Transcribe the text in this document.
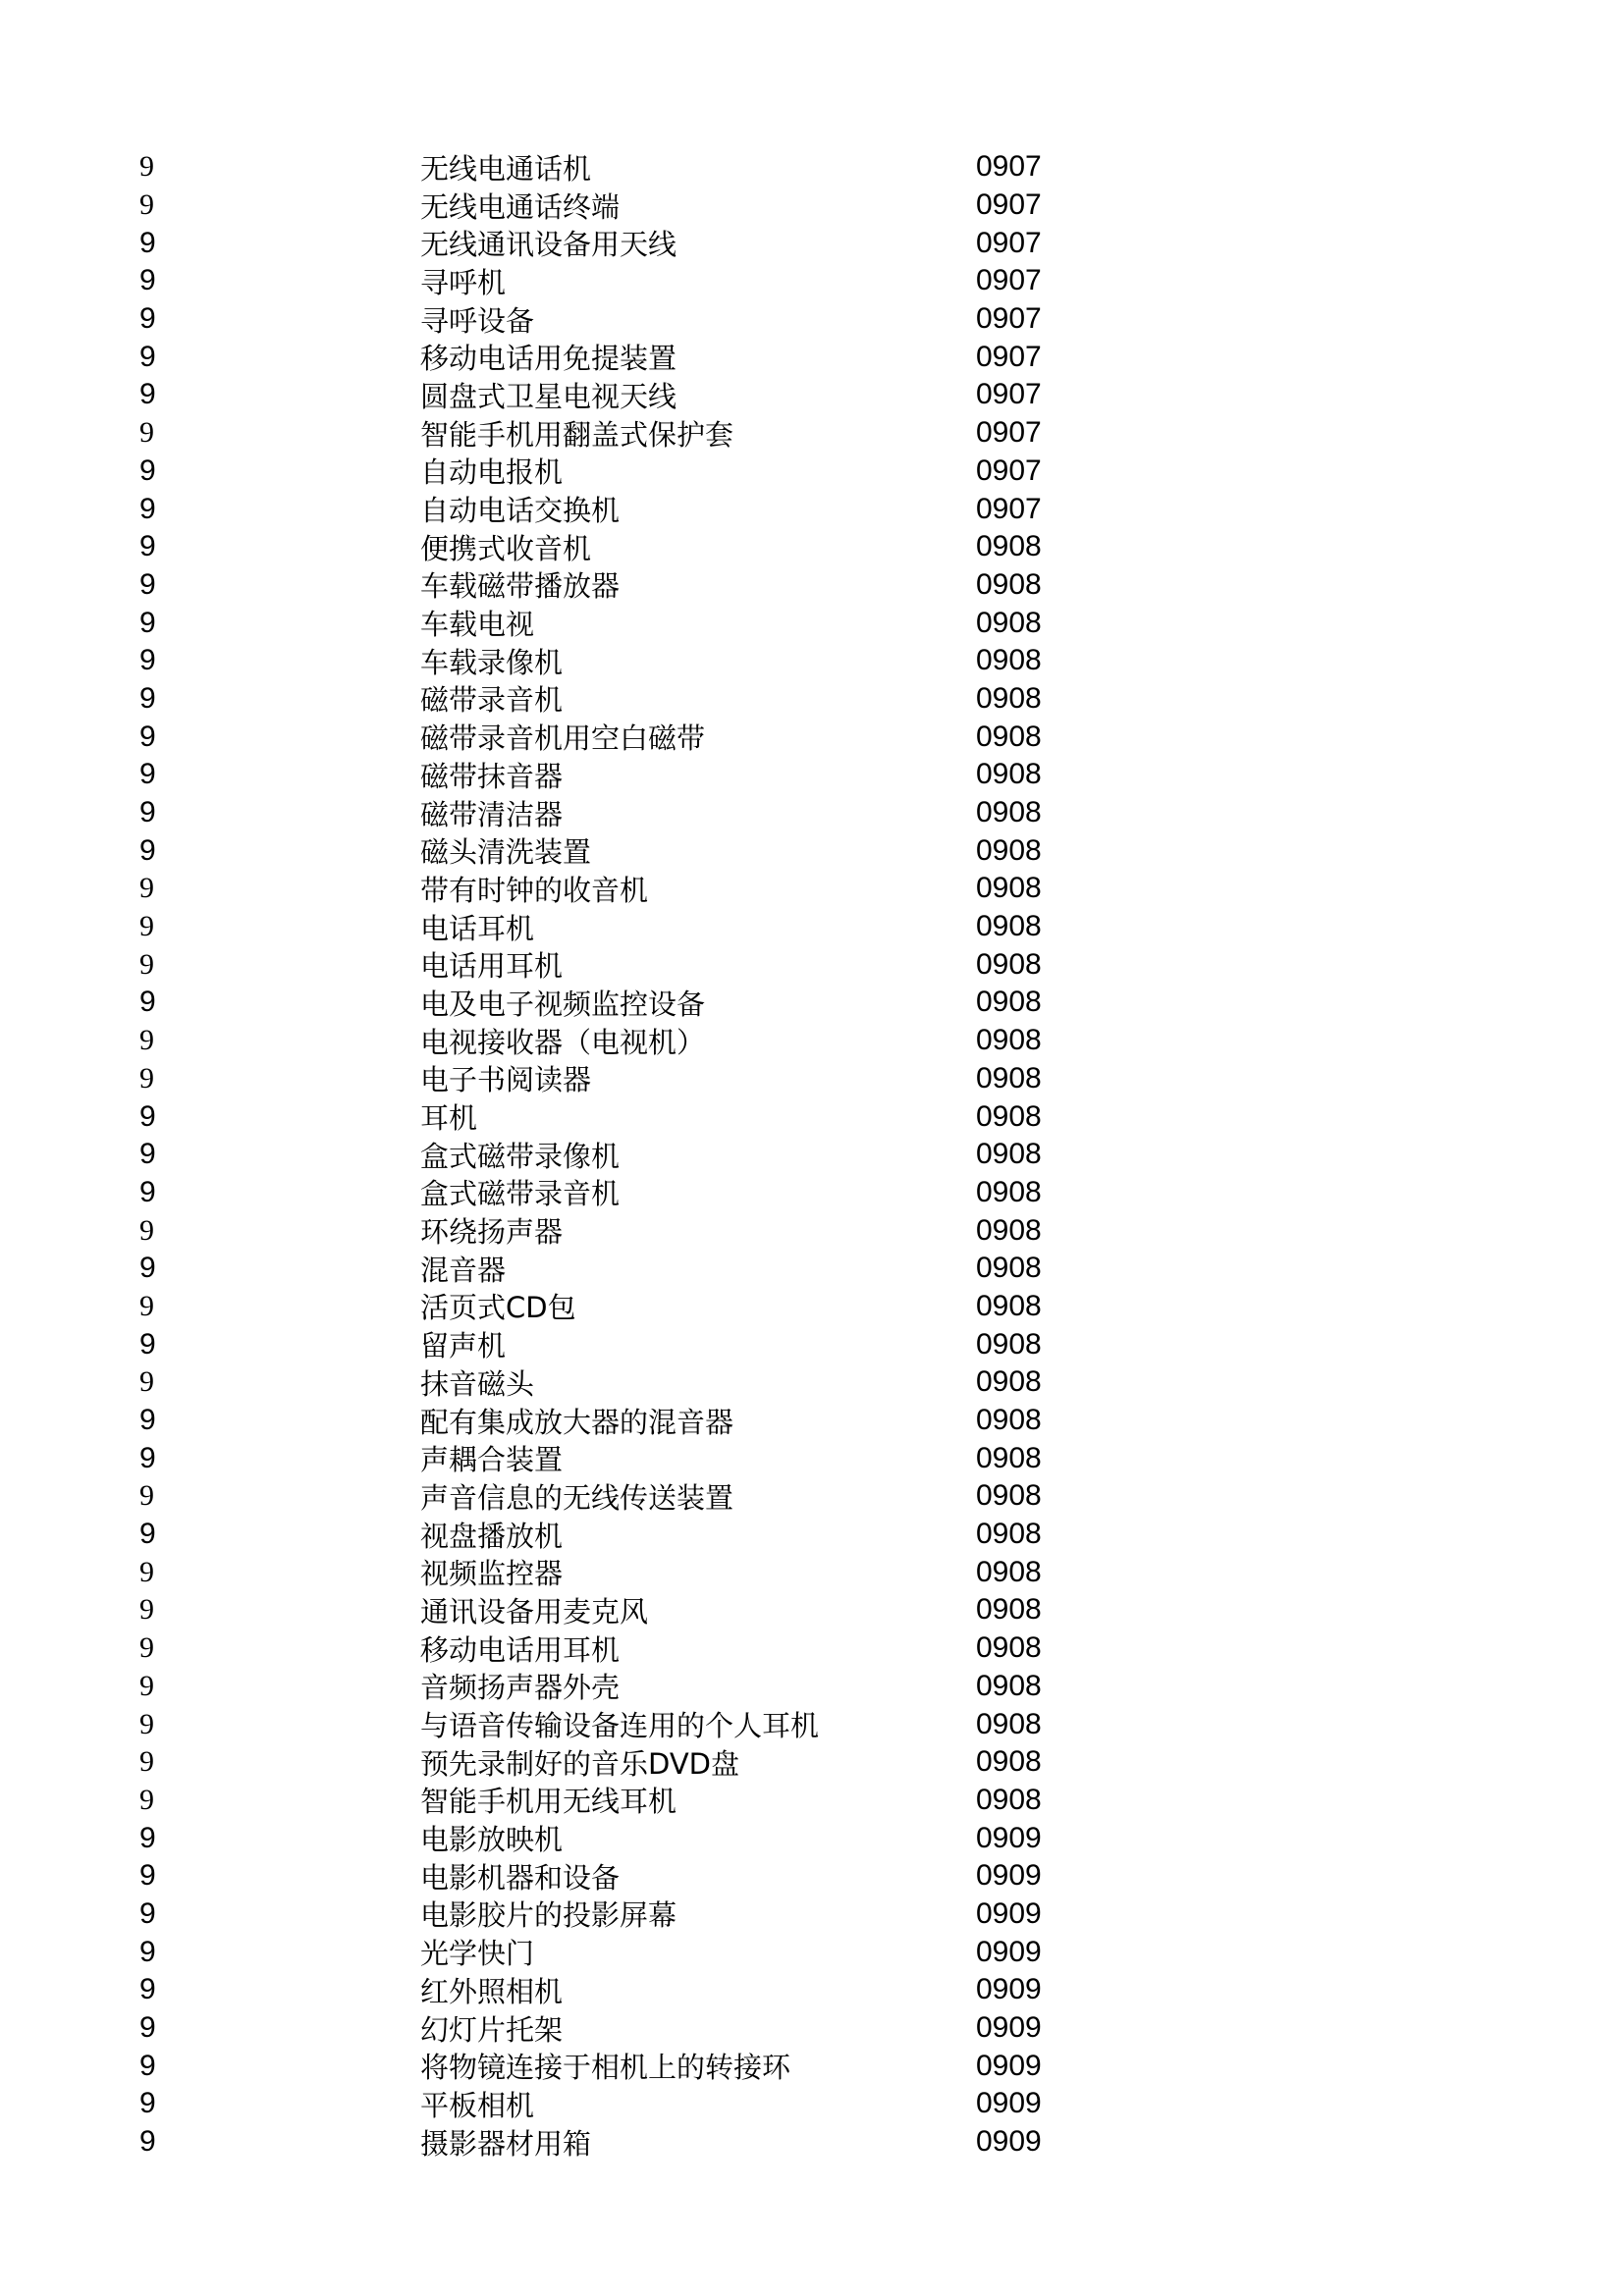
9	无线电通话机	0907
9	无线电通话终端	0907
9	无线通讯设备用天线	0907
9	寻呼机	0907
9	寻呼设备	0907
9	移动电话用免提装置	0907
9	圆盘式卫星电视天线	0907
9	智能手机用翻盖式保护套	0907
9	自动电报机	0907
9	自动电话交换机	0907
9	便携式收音机	0908
9	车载磁带播放器	0908
9	车载电视	0908
9	车载录像机	0908
9	磁带录音机	0908
9	磁带录音机用空白磁带	0908
9	磁带抹音器	0908
9	磁带清洁器	0908
9	磁头清洗装置	0908
9	带有时钟的收音机	0908
9	电话耳机	0908
9	电话用耳机	0908
9	电及电子视频监控设备	0908
9	电视接收器（电视机）	0908
9	电子书阅读器	0908
9	耳机	0908
9	盒式磁带录像机	0908
9	盒式磁带录音机	0908
9	环绕扬声器	0908
9	混音器	0908
9	活页式CD包	0908
9	留声机	0908
9	抹音磁头	0908
9	配有集成放大器的混音器	0908
9	声耦合装置	0908
9	声音信息的无线传送装置	0908
9	视盘播放机	0908
9	视频监控器	0908
9	通讯设备用麦克风	0908
9	移动电话用耳机	0908
9	音频扬声器外壳	0908
9	与语音传输设备连用的个人耳机	0908
9	预先录制好的音乐DVD盘	0908
9	智能手机用无线耳机	0908
9	电影放映机	0909
9	电影机器和设备	0909
9	电影胶片的投影屏幕	0909
9	光学快门	0909
9	红外照相机	0909
9	幻灯片托架	0909
9	将物镜连接于相机上的转接环	0909
9	平板相机	0909
9	摄影器材用箱	0909
